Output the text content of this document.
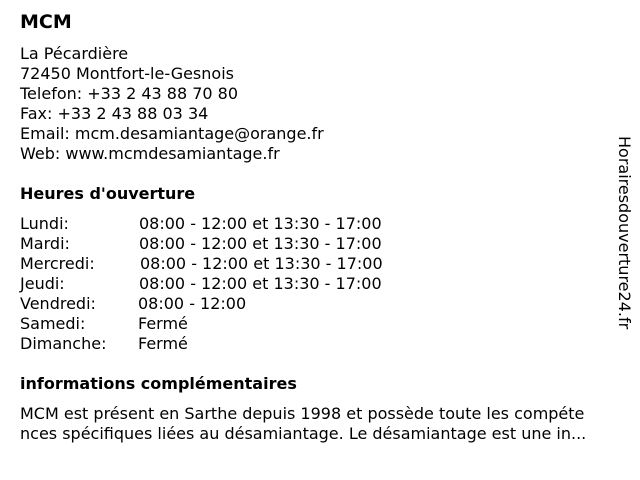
MCM
La Pécardière
72450 Montfort-le-Gesnois
Telefon: +33 2 43 88 70 80
Fax: +33 2 43 88 03 34
Email: mcm.desamiantage@orange.fr
Web: www.mcmdesamiantage.fr
Heures d'ouverture
Lundi:	08:00 - 12:00 et 13:30 - 17:00
Mardi:	08:00 - 12:00 et 13:30 - 17:00
Mercredi:	08:00 - 12:00 et 13:30 - 17:00
Jeudi:	08:00 - 12:00 et 13:30 - 17:00
Vendredi:	08:00 - 12:00
Samedi:	Fermé
Dimanche: Fermé
informations complémentaires
MCM est présent en Sarthe depuis 1998 et possède toute les compéte
nces spécifiques liées au désamiantage. Le désamiantage est une in...
Horairesdouverture24.fr
